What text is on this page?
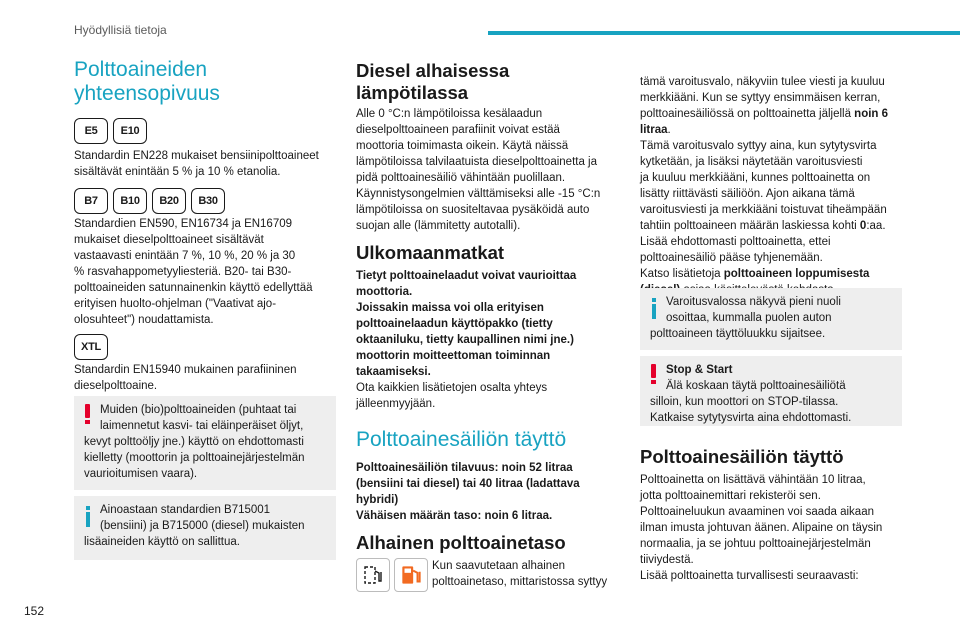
Hyödyllisiä tietoja
Polttoaineiden
yhteensopivuus
E5	E10
Standardin EN228 mukaiset bensiinipolttoaineet
sisältävät enintään 5 % ja 10 % etanolia.
B7	B10	B20	B30
Standardien EN590, EN16734 ja EN16709
mukaiset dieselpolttoaineet sisältävät
vastaavasti enintään 7 %, 10 %, 20 % ja 30
% rasvahappometyyliesteriä. B20- tai B30-
polttoaineiden satunnainenkin käyttö edellyttää
erityisen huolto-ohjelman ("Vaativat ajo-
olosuhteet") noudattamista.
XTL
Standardin EN15940 mukainen parafiininen
dieselpolttoaine.
Muiden (bio)polttoaineiden (puhtaat tai
laimennetut kasvi- tai eläinperäiset öljyt,
kevyt polttoöljy jne.) käyttö on ehdottomasti
kielletty (moottorin ja polttoainejärjestelmän
vaurioitumisen vaara).
Ainoastaan standardien B715001
(bensiini) ja B715000 (diesel) mukaisten
lisäaineiden käyttö on sallittua.
Diesel alhaisessa
lämpötilassa
Alle 0 °C:n lämpötiloissa kesälaadun
dieselpolttoaineen parafiinit voivat estää
moottoria toimimasta oikein. Käytä näissä
lämpötiloissa talvilaatuista dieselpolttoainetta ja
pidä polttoainesäiliö vähintään puolillaan.
Käynnistysongelmien välttämiseksi alle -15 °C:n
lämpötiloissa on suositeltavaa pysäköidä auto
suojan alle (lämmitetty autotalli).
Ulkomaanmatkat
Tietyt polttoainelaadut voivat vaurioittaa
moottoria.
Joissakin maissa voi olla erityisen
polttoainelaadun käyttöpakko (tietty
oktaaniluku, tietty kaupallinen nimi jne.)
moottorin moitteettoman toiminnan
takaamiseksi.
Ota kaikkien lisätietojen osalta yhteys
jälleenmyyjään.
Polttoainesäiliön täyttö
Polttoainesäiliön tilavuus: noin 52 litraa
(bensiini tai diesel) tai 40 litraa (ladattava
hybridi)
Vähäisen määrän taso: noin 6 litraa.
Alhainen polttoainetaso
Kun saavutetaan alhainen
polttoainetaso, mittaristossa syttyy

tämä varoitusvalo, näkyviin tulee viesti ja kuuluu
merkkiääni. Kun se syttyy ensimmäisen kerran,
polttoainesäiliössä on polttoainetta jäljellä noin 6
litraa.
Tämä varoitusvalo syttyy aina, kun sytytysvirta
kytketään, ja lisäksi näytetään varoitusviesti
ja kuuluu merkkiääni, kunnes polttoainetta on
lisätty riittävästi säiliöön. Ajon aikana tämä
varoitusviesti ja merkkiääni toistuvat tiheämpään
tahtiin polttoaineen määrän laskiessa kohti 0:aa.
Lisää ehdottomasti polttoainetta, ettei
polttoainesäiliö pääse tyhjenemään.
Katso lisätietoja polttoaineen loppumisesta

Varoitusvalossa näkyvä pieni nuoli
osoittaa, kummalla puolen auton
polttoaineen täyttöluukku sijaitsee.
Stop & Start
Älä koskaan täytä polttoainesäiliötä
silloin, kun moottori on STOP-tilassa.
Katkaise sytytysvirta aina ehdottomasti.
Polttoainesäiliön täyttö
Polttoainetta on lisättävä vähintään 10 litraa,
jotta polttoainemittari rekisteröi sen.
Polttoaineluukun avaaminen voi saada aikaan
ilman imusta johtuvan äänen. Alipaine on täysin
normaalia, ja se johtuu polttoainejärjestelmän
tiiviydestä.
Lisää polttoainetta turvallisesti seuraavasti:
152
